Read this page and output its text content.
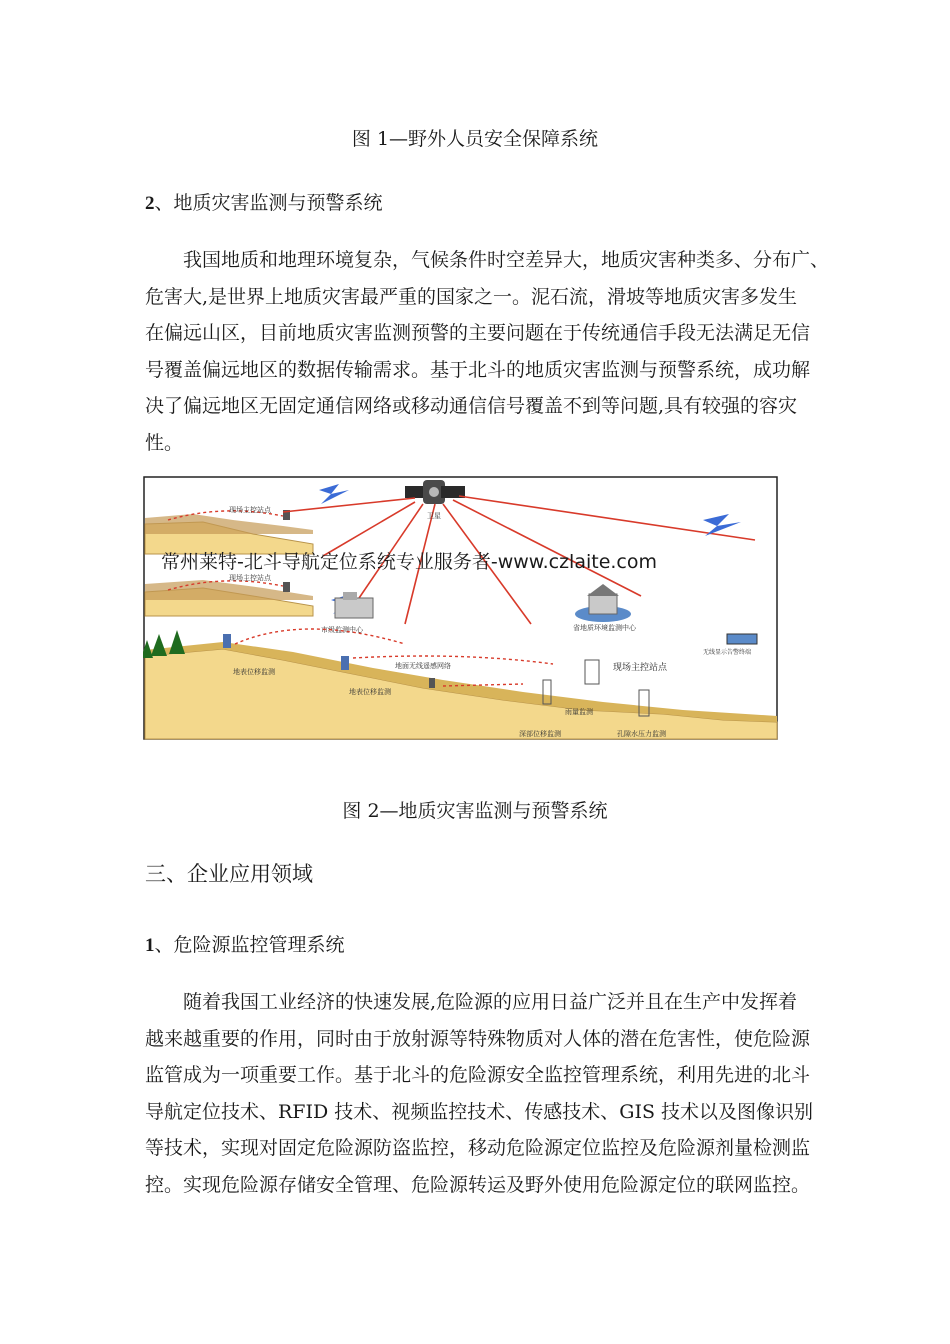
图 1—野外人员安全保障系统
2、地质灾害监测与预警系统

我国地质和地理环境复杂，气候条件时空差异大，地质灾害种类多、分布广、

危害大,是世界上地质灾害最严重的国家之一。泥石流，滑坡等地质灾害多发生

在偏远山区，目前地质灾害监测预警的主要问题在于传统通信手段无法满足无信

号覆盖偏远地区的数据传输需求。基于北斗的地质灾害监测与预警系统，成功解

决了偏远地区无固定通信网络或移动通信信号覆盖不到等问题,具有较强的容灾

性。

卫星
现场主控站点
现场主控站点
市级监测中心	省地质环境监测中心
地面无线遥感网络	现场主控站点
地表位移监测
地表位移监测
雨量监测
深部位移监测	孔隙水压力监测
无线显示告警终端
常州莱特-北斗导航定位系统专业服务者-www.czlaite.com
图 2—地质灾害监测与预警系统
三、企业应用领域
1、危险源监控管理系统

随着我国工业经济的快速发展,危险源的应用日益广泛并且在生产中发挥着

越来越重要的作用，同时由于放射源等特殊物质对人体的潜在危害性，使危险源

监管成为一项重要工作。基于北斗的危险源安全监控管理系统，利用先进的北斗

导航定位技术、RFID 技术、视频监控技术、传感技术、GIS 技术以及图像识别

等技术，实现对固定危险源防盗监控，移动危险源定位监控及危险源剂量检测监

控。实现危险源存储安全管理、危险源转运及野外使用危险源定位的联网监控。
